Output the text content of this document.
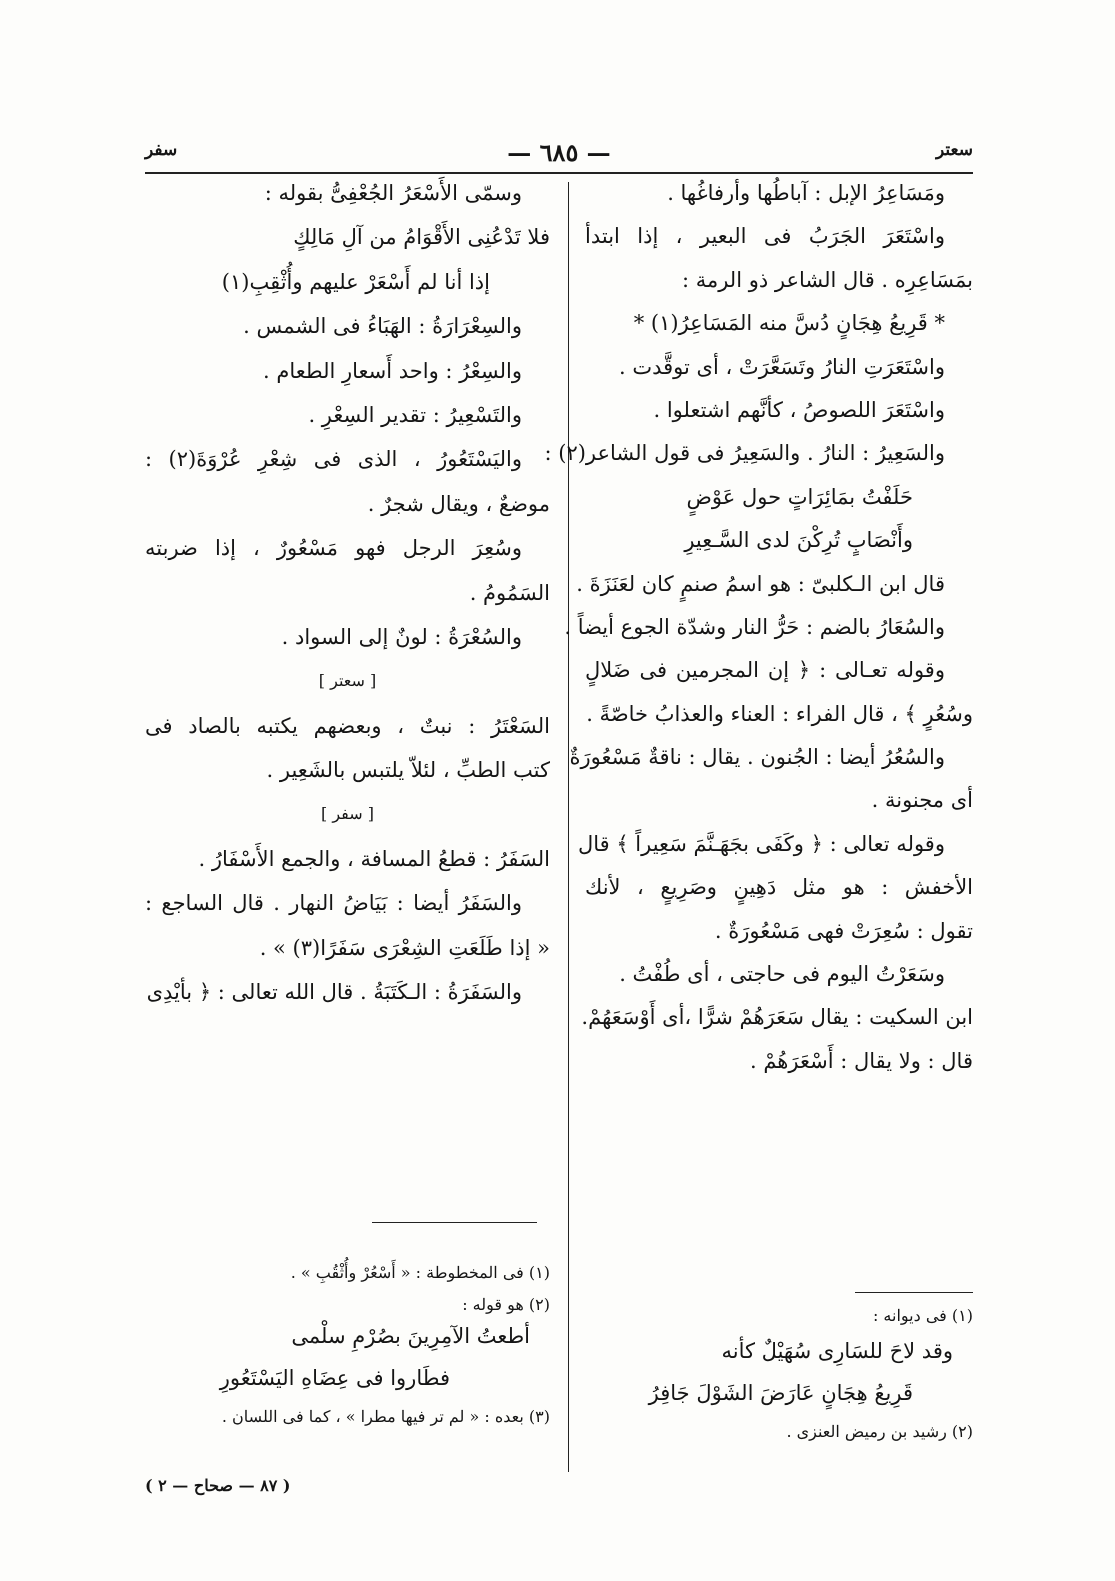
سعتر
— ٦٨٥ —
سفر
ومَسَاعِرُ الإبل : آباطُها وأرفاغُها .
واسْتَعَرَ الجَرَبُ فى البعير ، إذا ابتدأ
بمَسَاعِرِه . قال الشاعر ذو الرمة :
* قَرِيعُ هِجَانٍ دُسَّ منه المَسَاعِرُ(١) *
واسْتَعَرَتِ النارُ وتَسَعَّرَتْ ، أى توقَّدت .
واسْتَعَرَ اللصوصُ ، كأنَّهم اشتعلوا .
والسَعِيرُ : النارُ . والسَعِيرُ فى قول الشاعر(٢) :
حَلَفْتُ بمَائِرَاتٍ حول عَوْضٍ
وأَنْصَابٍ تُرِكْنَ لدى السَّـعِيرِ
قال ابن الـكلبىّ : هو اسمُ صنمٍ كان لعَنَزَةَ .
والسُعَارُ بالضم : حَرُّ النار وشدّة الجوع أيضاً .
وقوله تعـالى : ﴿ إن المجرمين فى ضَلالٍ
وسُعُرٍ ﴾ ، قال الفراء : العناء والعذابُ خاصّةً .
والسُعُرُ أيضا : الجُنون . يقال : ناقةٌ مَسْعُورَةٌ
أى مجنونة .
وقوله تعالى : ﴿ وكَفَى بجَهَـنَّمَ سَعِيراً ﴾ قال
الأخفش : هو مثل دَهِينٍ وصَرِيعٍ ، لأنك
تقول : سُعِرَتْ فهى مَسْعُورَةٌ .
وسَعَرْتُ اليوم فى حاجتى ، أى طُفْتُ .
ابن السكيت : يقال سَعَرَهُمْ شرًّا ،أى أَوْسَعَهُمْ.
قال : ولا يقال : أَسْعَرَهُمْ .
وسمّى الأَسْعَرُ الجُعْفِىُّ بقوله :
فلا تَدْعُنِى الأَقْوَامُ من آلِ مَالِكٍ
إذا أنا لم أَسْعَرْ عليهم وأُثْقِبِ(١)
والسِعْرَارَةُ : الهَبَاءُ فى الشمس .
والسِعْرُ : واحد أَسعارِ الطعام .
والتَسْعِيرُ : تقدير السِعْرِ .
واليَسْتَعُورُ ، الذى فى شِعْرِ عُرْوَةَ(٢) :
موضعٌ ، ويقال شجرٌ .
وسُعِرَ الرجل فهو مَسْعُورٌ ، إذا ضربته
السَمُومُ .
والسُعْرَةُ : لونٌ إلى السواد .
[ سعتر ]
السَعْتَرُ : نبتٌ ، وبعضهم يكتبه بالصاد فى
كتب الطبِّ ، لئلاّ يلتبس بالشَعِير .
[ سفر ]
السَفَرُ : قطعُ المسافة ، والجمع الأَسْفَارُ .
والسَفَرُ أيضا : بَيَاضُ النهار . قال الساجع :
« إذا طَلَعَتِ الشِعْرَى سَفَرًا(٣) » .
والسَفَرَةُ : الـكَتَبَةُ . قال الله تعالى : ﴿ بأيْدِى
(١) فى ديوانه :
وقد لاحَ للسَارِى سُهَيْلٌ كأنه
قَرِيعُ هِجَانٍ عَارَضَ الشَوْلَ جَافِرُ
(٢) رشيد بن رميض العنزى .
(١) فى المخطوطة : « أَسْعُرْ وأُثْقُبِ » .
(٢) هو قوله :
أطعتُ الآمِرِينَ بصُرْمِ سلْمى
فطَاروا فى عِضَاهِ اليَسْتَعُورِ
(٣) بعده : « لم تر فيها مطرا » ، كما فى اللسان .
( ٨٧ — صحاح — ٢ )
